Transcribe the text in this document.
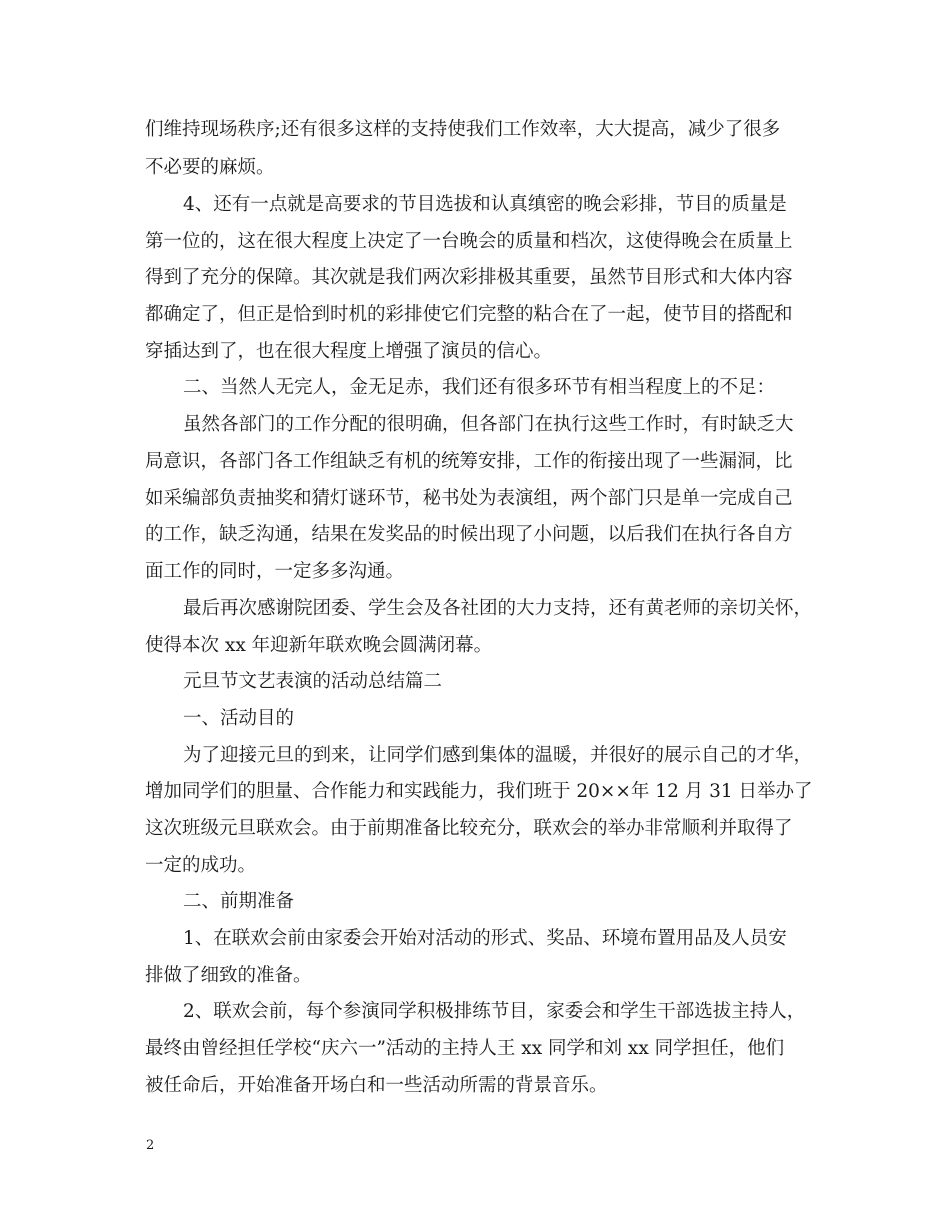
们维持现场秩序;还有很多这样的支持使我们工作效率，大大提高，减少了很多

不必要的麻烦。

4、还有一点就是高要求的节目选拔和认真缜密的晚会彩排，节目的质量是

第一位的，这在很大程度上决定了一台晚会的质量和档次，这使得晚会在质量上

得到了充分的保障。其次就是我们两次彩排极其重要，虽然节目形式和大体内容

都确定了，但正是恰到时机的彩排使它们完整的粘合在了一起，使节目的搭配和

穿插达到了，也在很大程度上增强了演员的信心。

二、当然人无完人，金无足赤，我们还有很多环节有相当程度上的不足：

虽然各部门的工作分配的很明确，但各部门在执行这些工作时，有时缺乏大

局意识，各部门各工作组缺乏有机的统筹安排，工作的衔接出现了一些漏洞，比

如采编部负责抽奖和猜灯谜环节，秘书处为表演组，两个部门只是单一完成自己

的工作，缺乏沟通，结果在发奖品的时候出现了小问题，以后我们在执行各自方

面工作的同时，一定多多沟通。

最后再次感谢院团委、学生会及各社团的大力支持，还有黄老师的亲切关怀，

使得本次 xx 年迎新年联欢晚会圆满闭幕。

元旦节文艺表演的活动总结篇二

一、活动目的

为了迎接元旦的到来，让同学们感到集体的温暖，并很好的展示自己的才华，

增加同学们的胆量、合作能力和实践能力，我们班于 20××年 12 月 31 日举办了

这次班级元旦联欢会。由于前期准备比较充分，联欢会的举办非常顺利并取得了

一定的成功。

二、前期准备

1、在联欢会前由家委会开始对活动的形式、奖品、环境布置用品及人员安

排做了细致的准备。

2、联欢会前，每个参演同学积极排练节目，家委会和学生干部选拔主持人，

最终由曾经担任学校“庆六一”活动的主持人王 xx 同学和刘 xx 同学担任，他们

被任命后，开始准备开场白和一些活动所需的背景音乐。

2
